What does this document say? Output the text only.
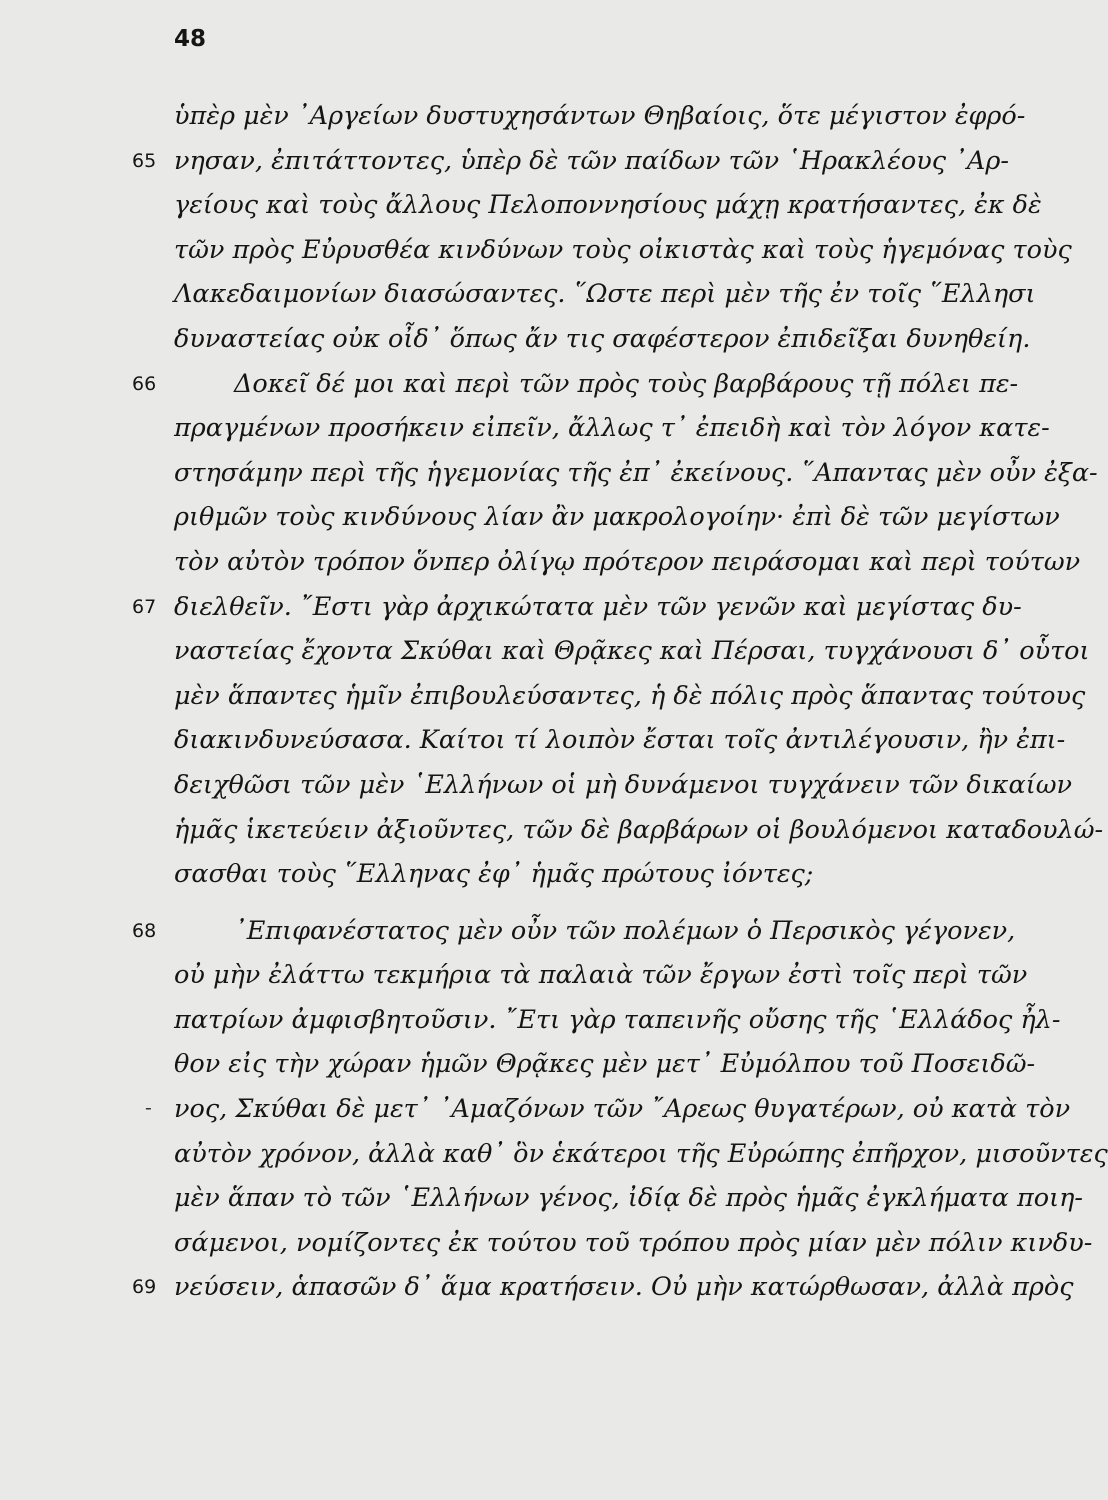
48
-
ὑπὲρ μὲν ᾿Αργείων δυστυχησάντων Θηβαίοις, ὅτε μέγιστον ἐφρό-
65 νησαν, ἐπιτάττοντες, ὑπὲρ δὲ τῶν παίδων τῶν ῾Ηρακλέους ᾿Αρ-
γείους καὶ τοὺς ἄλλους Πελοποννησίους μάχῃ κρατήσαντες, ἐκ δὲ
τῶν πρὸς Εὐρυσθέα κινδύνων τοὺς οἰκιστὰς καὶ τοὺς ἡγεμόνας τοὺς
Λακεδαιμονίων διασώσαντες. ῞Ωστε περὶ μὲν τῆς ἐν τοῖς ῞Ελλησι
δυναστείας οὐκ οἶδ᾿ ὅπως ἄν τις σαφέστερον ἐπιδεῖξαι δυνηθείη.
66	Δοκεῖ δέ μοι καὶ περὶ τῶν πρὸς τοὺς βαρβάρους τῇ πόλει πε-
πραγμένων προσήκειν εἰπεῖν, ἄλλως τ᾿ ἐπειδὴ καὶ τὸν λόγον κατε-
στησάμην περὶ τῆς ἡγεμονίας τῆς ἐπ᾿ ἐκείνους. ῞Απαντας μὲν οὖν ἐξα-
ριθμῶν τοὺς κινδύνους λίαν ἂν μακρολογοίην· ἐπὶ δὲ τῶν μεγίστων
τὸν αὐτὸν τρόπον ὅνπερ ὀλίγῳ πρότερον πειράσομαι καὶ περὶ τούτων
67 διελθεῖν. ῎Εστι γὰρ ἀρχικώτατα μὲν τῶν γενῶν καὶ μεγίστας δυ-
ναστείας ἔχοντα Σκύθαι καὶ Θρᾷκες καὶ Πέρσαι, τυγχάνουσι δ᾿ οὗτοι
μὲν ἅπαντες ἡμῖν ἐπιβουλεύσαντες, ἡ δὲ πόλις πρὸς ἅπαντας τούτους
διακινδυνεύσασα. Καίτοι τί λοιπὸν ἔσται τοῖς ἀντιλέγουσιν, ἢν ἐπι-
δειχθῶσι τῶν μὲν ῾Ελλήνων οἱ μὴ δυνάμενοι τυγχάνειν τῶν δικαίων
ἡμᾶς ἱκετεύειν ἀξιοῦντες, τῶν δὲ βαρβάρων οἱ βουλόμενοι καταδουλώ-
σασθαι τοὺς ῞Ελληνας ἐφ᾿ ἡμᾶς πρώτους ἰόντες;
68	᾿Επιφανέστατος μὲν οὖν τῶν πολέμων ὁ Περσικὸς γέγονεν,
οὐ μὴν ἐλάττω τεκμήρια τὰ παλαιὰ τῶν ἔργων ἐστὶ τοῖς περὶ τῶν
πατρίων ἀμφισβητοῦσιν. ῎Ετι γὰρ ταπεινῆς οὔσης τῆς ῾Ελλάδος ἦλ-
θον εἰς τὴν χώραν ἡμῶν Θρᾷκες μὲν μετ᾿ Εὐμόλπου τοῦ Ποσειδῶ-
νος, Σκύθαι δὲ μετ᾿ ᾿Αμαζόνων τῶν ῎Αρεως θυγατέρων, οὐ κατὰ τὸν
αὐτὸν χρόνον, ἀλλὰ καθ᾿ ὃν ἑκάτεροι τῆς Εὐρώπης ἐπῆρχον, μισοῦντες
μὲν ἅπαν τὸ τῶν ῾Ελλήνων γένος, ἰδίᾳ δὲ πρὸς ἡμᾶς ἐγκλήματα ποιη-
σάμενοι, νομίζοντες ἐκ τούτου τοῦ τρόπου πρὸς μίαν μὲν πόλιν κινδυ-
69 νεύσειν, ἁπασῶν δ᾿ ἅμα κρατήσειν. Οὐ μὴν κατώρθωσαν, ἀλλὰ πρὸς
